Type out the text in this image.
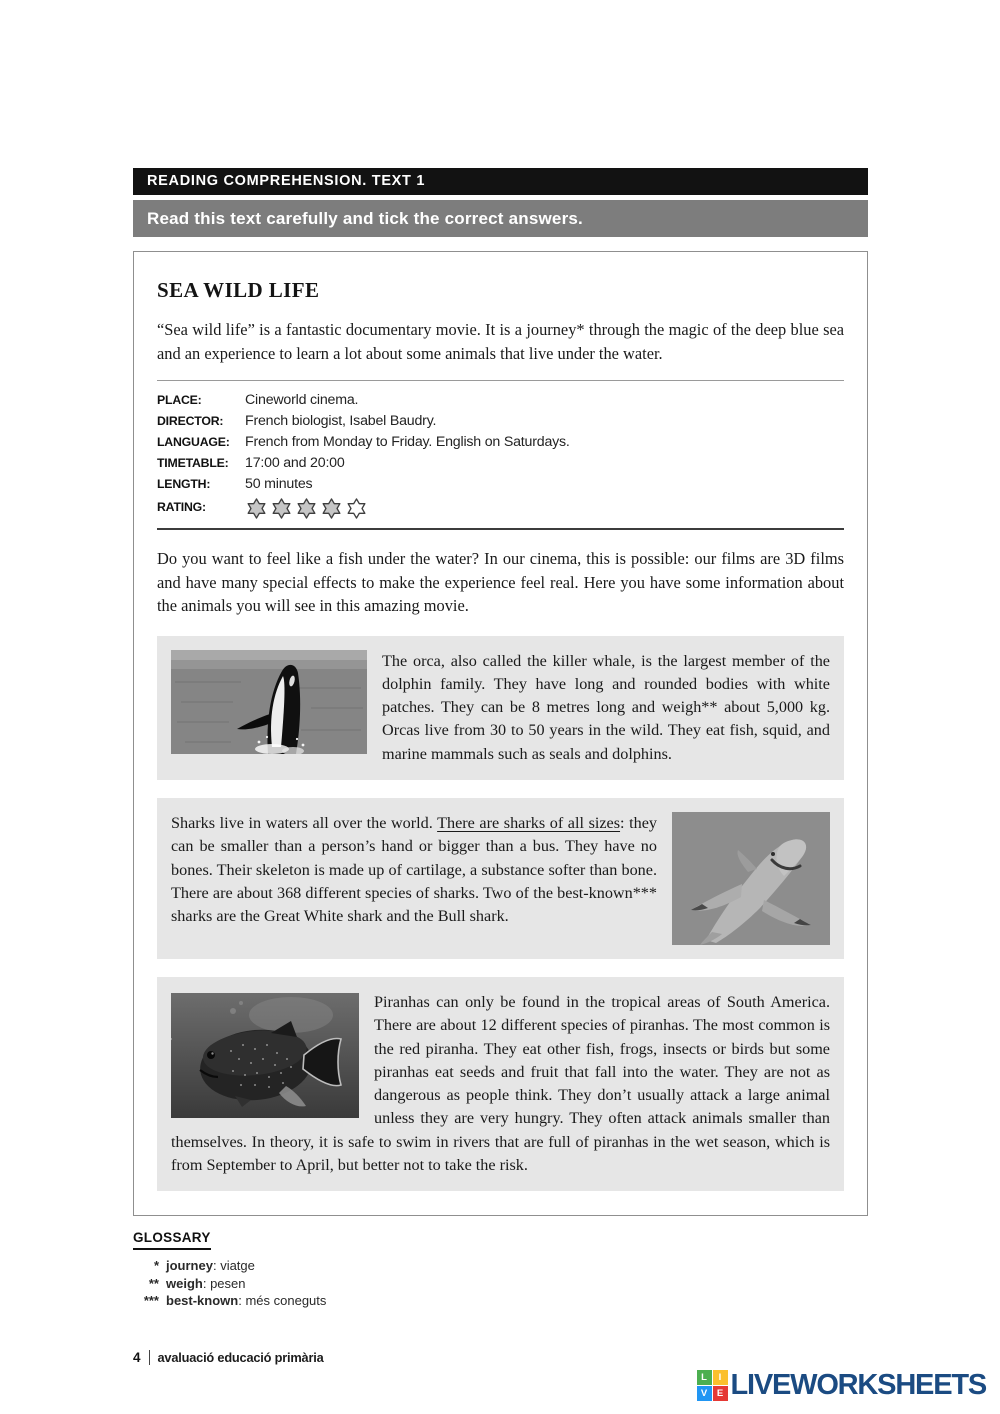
READING COMPREHENSION. TEXT 1
Read this text carefully and tick the correct answers.
SEA WILD LIFE

“Sea wild life” is a fantastic documentary movie. It is a journey* through the magic of the deep blue sea and an experience to learn a lot about some animals that live under the water.

PLACE:	Cineworld cinema.
DIRECTOR:	French biologist, Isabel Baudry.
LANGUAGE:	French from Monday to Friday. English on Saturdays.
TIMETABLE:	17:00 and 20:00
LENGTH:	50 minutes
RATING:

Do you want to feel like a fish under the water? In our cinema, this is possible: our films are 3D films and have many special effects to make the experience feel real. Here you have some information about the animals you will see in this amazing movie.

The orca, also called the killer whale, is the largest member of the dolphin family. They have long and rounded bodies with white patches. They can be 8 metres long and weigh** about 5,000 kg. Orcas live from 30 to 50 years in the wild. They eat fish, squid, and marine mammals such as seals and dolphins.

Sharks live in waters all over the world. There are sharks of all sizes: they can be smaller than a person’s hand or bigger than a bus. They have no bones. Their skeleton is made up of cartilage, a substance softer than bone. There are about 368 different species of sharks. Two of the best-known*** sharks are the Great White shark and the Bull shark.

Piranhas can only be found in the tropical areas of South America. There are about 12 different species of piranhas. The most common is the red piranha. They eat other fish, frogs, insects or birds but some piranhas eat seeds and fruit that fall into the water. They are not as dangerous as people think. They don’t usually attack a large animal unless they are very hungry. They often attack animals smaller than themselves. In theory, it is safe to swim in rivers that are full of piranhas in the wet season, which is from September to April, but better not to take the risk.

GLOSSARY
* journey: viatge
** weigh: pesen
*** best-known: més coneguts
4 avaluació educació primària
L	I
V	E LIVEWORKSHEETS
